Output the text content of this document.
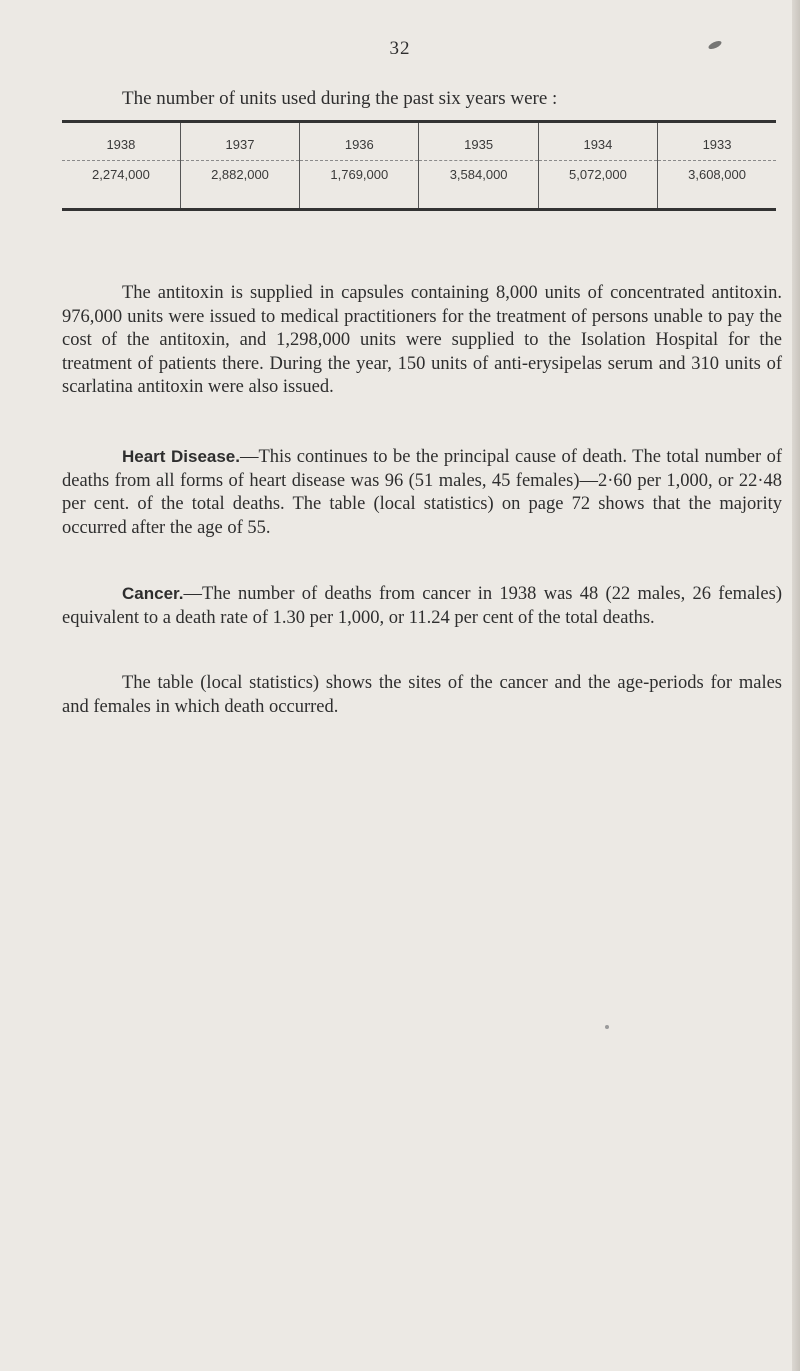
32
The number of units used during the past six years were :
1938	1937	1936	1935	1934	1933
2,274,000	2,882,000	1,769,000	3,584,000	5,072,000	3,608,000

The antitoxin is supplied in capsules containing 8,000 units of concentrated antitoxin. 976,000 units were issued to medical practitioners for the treatment of persons unable to pay the cost of the antitoxin, and 1,298,000 units were supplied to the Isolation Hospital for the treatment of patients there. During the year, 150 units of anti-erysipelas serum and 310 units of scarlatina antitoxin were also issued.

Heart Disease.—This continues to be the principal cause of death. The total number of deaths from all forms of heart disease was 96 (51 males, 45 females)—2·60 per 1,000, or 22·48 per cent. of the total deaths. The table (local statistics) on page 72 shows that the majority occurred after the age of 55.

Cancer.—The number of deaths from cancer in 1938 was 48 (22 males, 26 females) equivalent to a death rate of 1.30 per 1,000, or 11.24 per cent of the total deaths.

The table (local statistics) shows the sites of the cancer and the age-periods for males and females in which death occurred.
